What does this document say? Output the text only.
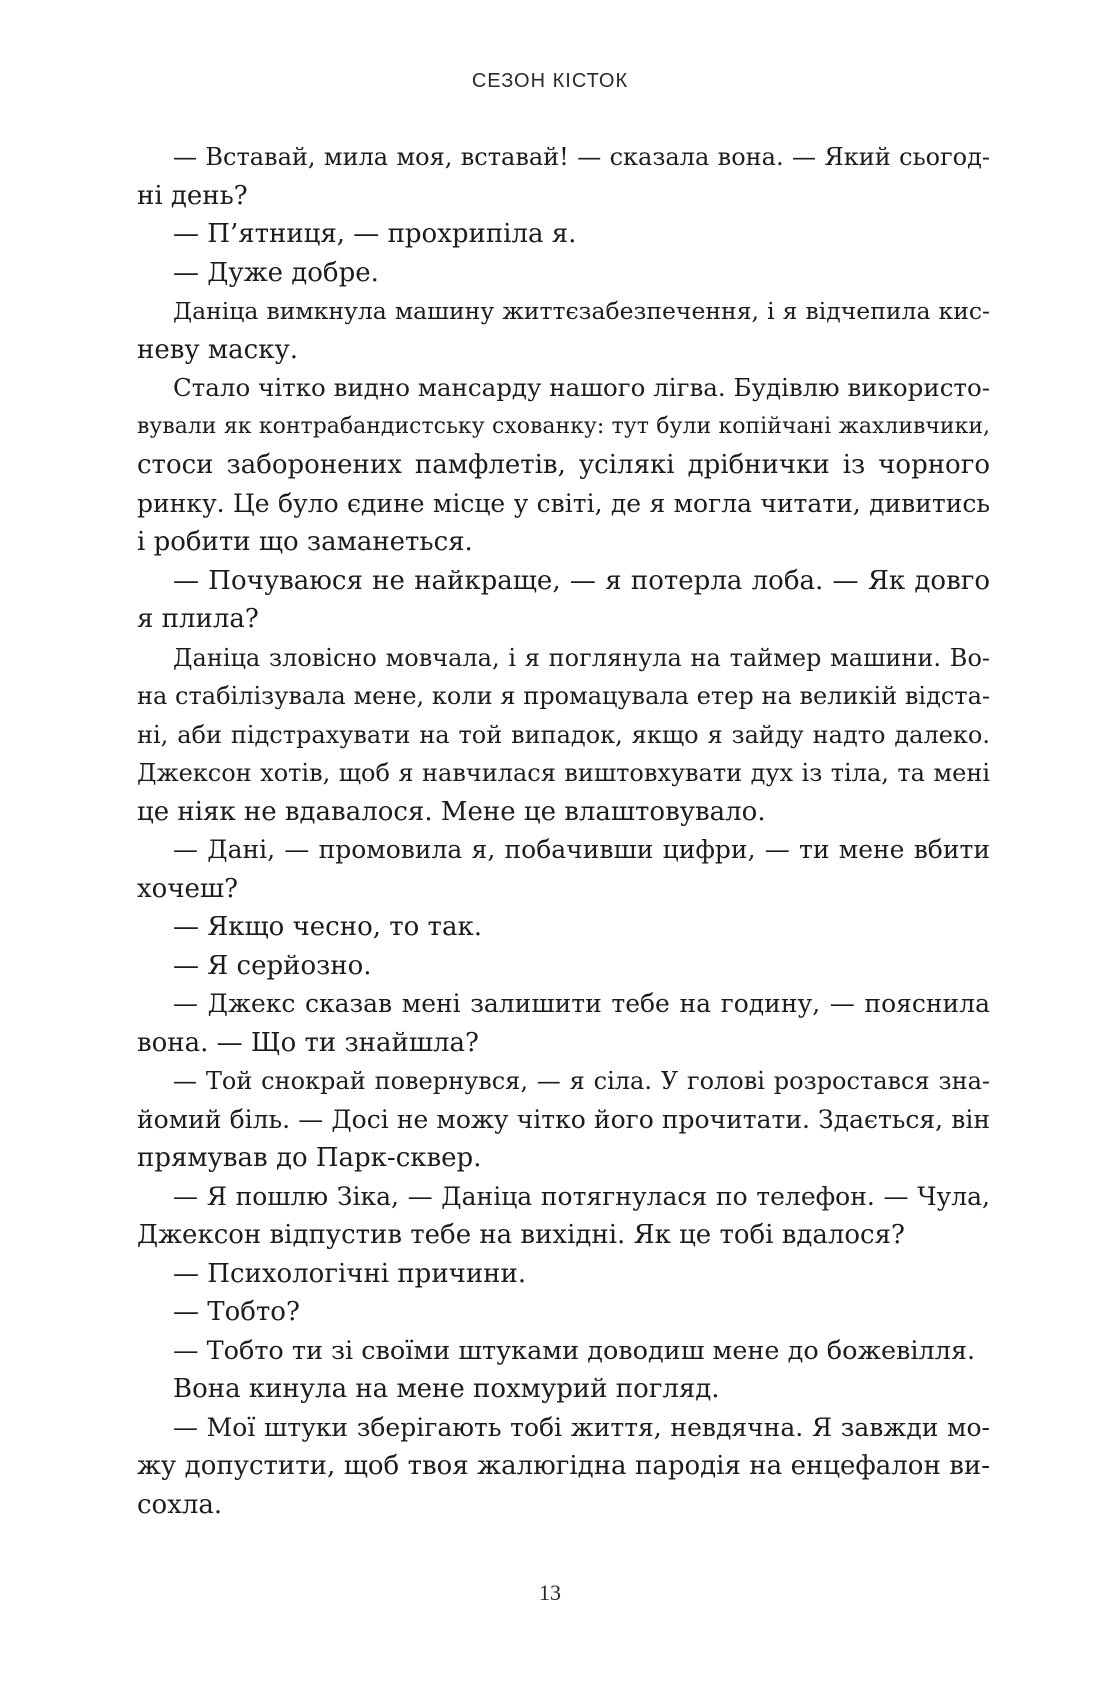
СЕЗОН КІСТОК
— Вставай, мила моя, вставай! — сказала вона. — Який сьогод-
ні день?
— П’ятниця, — прохрипіла я.
— Дуже добре.
Даніца вимкнула машину життєзабезпечення, і я відчепила кис-
неву маску.
Стало чітко видно мансарду нашого лігва. Будівлю використо-
вували як контрабандистську схованку: тут були копійчані жахливчики,
стоси заборонених памфлетів, усілякі дрібнички із чорного
ринку. Це було єдине місце у світі, де я могла читати, дивитись
і робити що заманеться.
— Почуваюся не найкраще, — я потерла лоба. — Як довго
я плила?
Даніца зловісно мовчала, і я поглянула на таймер машини. Во-
на стабілізувала мене, коли я промацувала етер на великій відста-
ні, аби підстрахувати на той випадок, якщо я зайду надто далеко.
Джексон хотів, щоб я навчилася виштовхувати дух із тіла, та мені
це ніяк не вдавалося. Мене це влаштовувало.
— Дані, — промовила я, побачивши цифри, — ти мене вбити
хочеш?
— Якщо чесно, то так.
— Я серйозно.
— Джекс сказав мені залишити тебе на годину, — пояснила
вона. — Що ти знайшла?
— Той снокрай повернувся, — я сіла. У голові розростався зна-
йомий біль. — Досі не можу чітко його прочитати. Здається, він
прямував до Парк-сквер.
— Я пошлю Зіка, — Даніца потягнулася по телефон. — Чула,
Джексон відпустив тебе на вихідні. Як це тобі вдалося?
— Психологічні причини.
— Тобто?
— Тобто ти зі своїми штуками доводиш мене до божевілля.
Вона кинула на мене похмурий погляд.
— Мої штуки зберігають тобі життя, невдячна. Я завжди мо-
жу допустити, щоб твоя жалюгідна пародія на енцефалон ви-
сохла.
13
